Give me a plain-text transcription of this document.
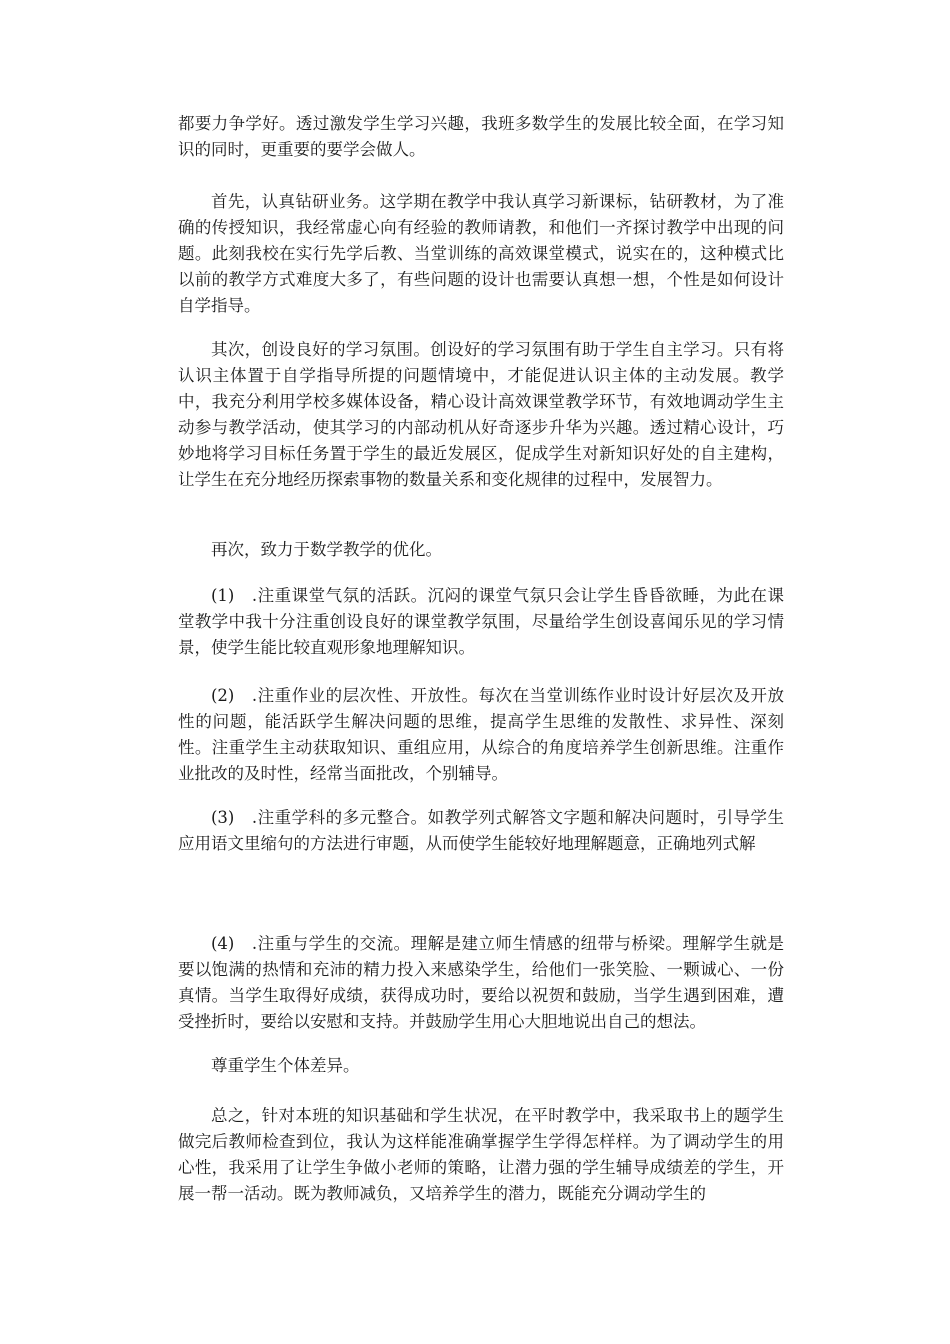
都要力争学好。透过激发学生学习兴趣，我班多数学生的发展比较全面，在学习知识的同时，更重要的要学会做人。

首先，认真钻研业务。这学期在教学中我认真学习新课标，钻研教材，为了准确的传授知识，我经常虚心向有经验的教师请教，和他们一齐探讨教学中出现的问题。此刻我校在实行先学后教、当堂训练的高效课堂模式，说实在的，这种模式比以前的教学方式难度大多了，有些问题的设计也需要认真想一想，个性是如何设计自学指导。

其次，创设良好的学习氛围。创设好的学习氛围有助于学生自主学习。只有将认识主体置于自学指导所提的问题情境中，才能促进认识主体的主动发展。教学中，我充分利用学校多媒体设备，精心设计高效课堂教学环节，有效地调动学生主动参与教学活动，使其学习的内部动机从好奇逐步升华为兴趣。透过精心设计，巧妙地将学习目标任务置于学生的最近发展区，促成学生对新知识好处的自主建构，让学生在充分地经历探索事物的数量关系和变化规律的过程中，发展智力。

再次，致力于数学教学的优化。

(1)　.注重课堂气氛的活跃。沉闷的课堂气氛只会让学生昏昏欲睡，为此在课堂教学中我十分注重创设良好的课堂教学氛围，尽量给学生创设喜闻乐见的学习情景，使学生能比较直观形象地理解知识。

(2)　.注重作业的层次性、开放性。每次在当堂训练作业时设计好层次及开放性的问题，能活跃学生解决问题的思维，提高学生思维的发散性、求异性、深刻性。注重学生主动获取知识、重组应用，从综合的角度培养学生创新思维。注重作业批改的及时性，经常当面批改，个别辅导。

(3)　.注重学科的多元整合。如教学列式解答文字题和解决问题时，引导学生应用语文里缩句的方法进行审题，从而使学生能较好地理解题意，正确地列式解

(4)　.注重与学生的交流。理解是建立师生情感的纽带与桥梁。理解学生就是要以饱满的热情和充沛的精力投入来感染学生，给他们一张笑脸、一颗诚心、一份真情。当学生取得好成绩，获得成功时，要给以祝贺和鼓励，当学生遇到困难，遭受挫折时，要给以安慰和支持。并鼓励学生用心大胆地说出自己的想法。

尊重学生个体差异。

总之，针对本班的知识基础和学生状况，在平时教学中，我采取书上的题学生做完后教师检查到位，我认为这样能准确掌握学生学得怎样样。为了调动学生的用心性，我采用了让学生争做小老师的策略，让潜力强的学生辅导成绩差的学生，开展一帮一活动。既为教师减负，又培养学生的潜力，既能充分调动学生的
